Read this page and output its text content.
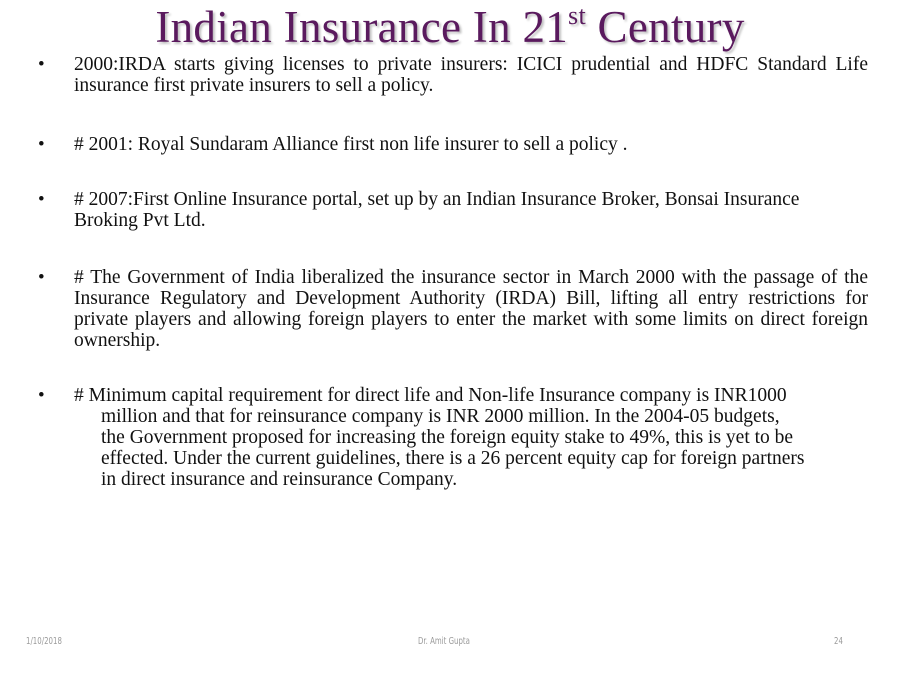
Indian Insurance In 21st Century
• 2000:IRDA starts giving licenses to private insurers: ICICI prudential and HDFC Standard Life insurance first private insurers to sell a policy.
• # 2001: Royal Sundaram Alliance first non life insurer to sell a policy .
• # 2007:First Online Insurance portal, set up by an Indian Insurance Broker, Bonsai Insurance Broking Pvt Ltd.
• # The Government of India liberalized the insurance sector in March 2000 with the passage of the Insurance Regulatory and Development Authority (IRDA) Bill, lifting all entry restrictions for private players and allowing foreign players to enter the market with some limits on direct foreign ownership.
• # Minimum capital requirement for direct life and Non-life Insurance company is INR1000 million and that for reinsurance company is INR 2000 million. In the 2004-05 budgets, the Government proposed for increasing the foreign equity stake to 49%, this is yet to be effected. Under the current guidelines, there is a 26 percent equity cap for foreign partners in direct insurance and reinsurance Company.
1/10/2018	Dr. Amit Gupta	24
